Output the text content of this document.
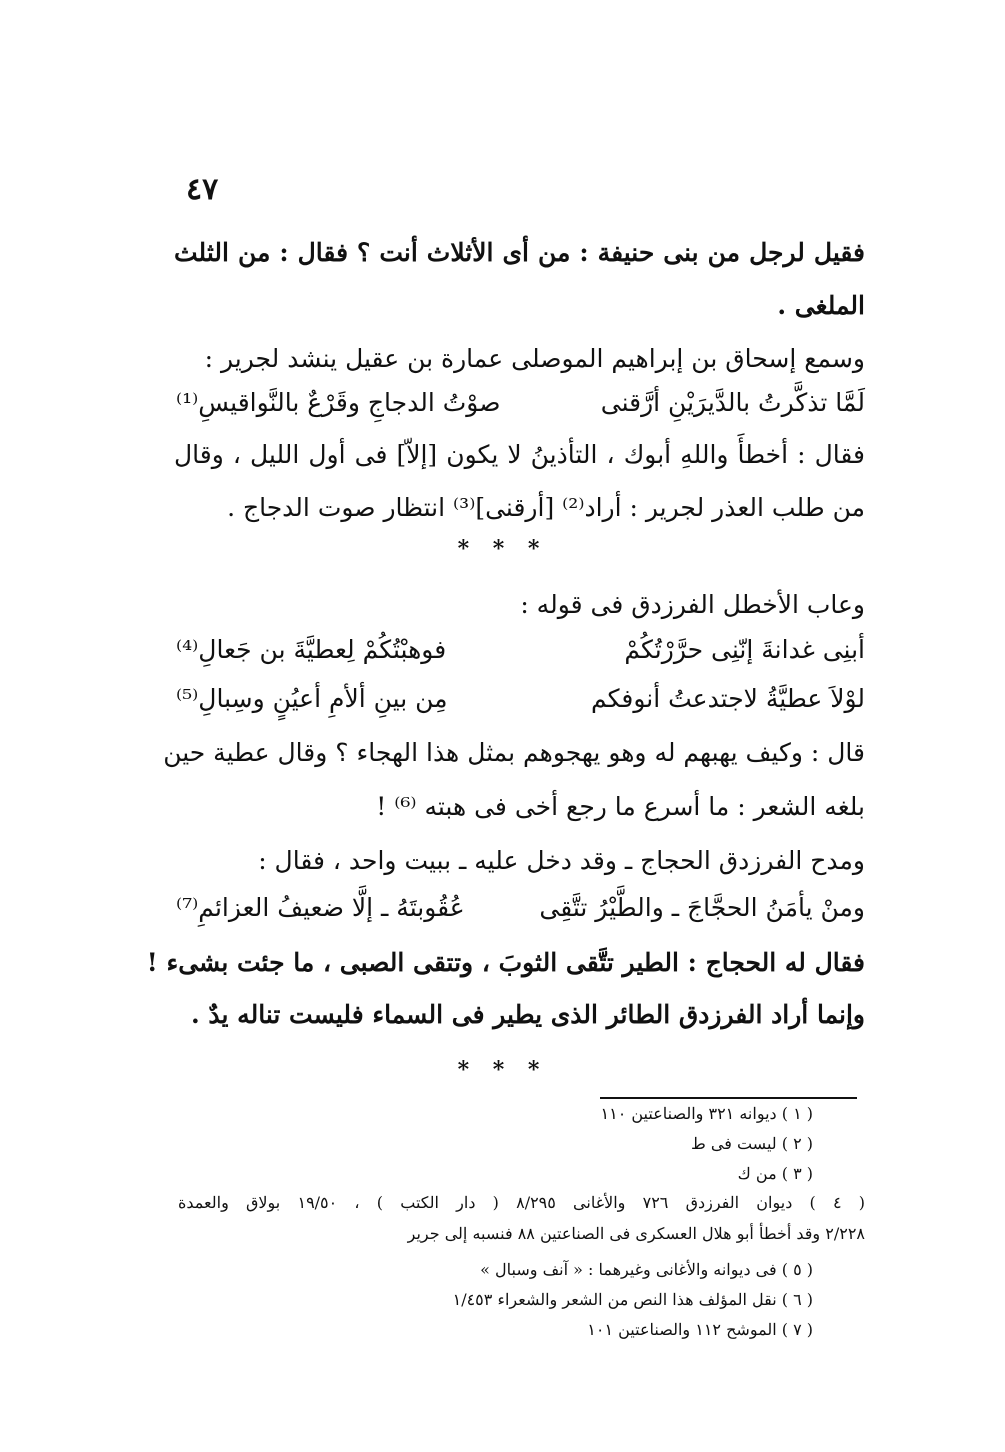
٤٧
فقيل لرجل من بنى حنيفة : من أى الأثلاث أنت ؟ فقال : من الثلث
الملغى .
وسمع إسحاق بن إبراهيم الموصلى عمارة بن عقيل ينشد لجرير :
لَمَّا تذكَّرتُ بالدَّيرَيْنِ أرَّقنى
صوْتُ الدجاجِ وقَرْعٌ بالنَّواقيسِ⁽¹⁾
فقال : أخطأَ واللهِ أبوك ، التأذينُ لا يكون [إلاّ] فى أول الليل ، وقال
من طلب العذر لجرير : أراد⁽²⁾ [أرقنى]⁽³⁾ انتظار صوت الدجاج .
* * *
وعاب الأخطل الفرزدق فى قوله :
أبنِى غدانةَ إنّنِى حرَّرْتُكُمْ
فوهبْتُكُمْ لِعطيَّةَ بن جَعالِ⁽⁴⁾
لوْلاَ عطيَّةُ لاجتدعتُ أنوفكم
مِن بينِ ألأمِ أعيُنٍ وسِبالِ⁽⁵⁾
قال : وكيف يهبهم له وهو يهجوهم بمثل هذا الهجاء ؟ وقال عطية حين
بلغه الشعر : ما أسرع ما رجع أخى فى هبته ⁽⁶⁾ !
ومدح الفرزدق الحجاج ـ وقد دخل عليه ـ ببيت واحد ، فقال :
ومنْ يأمَنُ الحجَّاجَ ـ والطَّيْرُ تتَّقِى
عُقُوبتَهُ ـ إلَّا ضعيفُ العزائمِ⁽⁷⁾
فقال له الحجاج : الطير تتَّقى الثوبَ ، وتتقى الصبى ، ما جئت بشىء !
وإنما أراد الفرزدق الطائر الذى يطير فى السماء فليست تناله يدٌ .
* * *
( ١ ) ديوانه ٣٢١ والصناعتين ١١٠
( ٢ ) ليست فى ط
( ٣ ) من ك
( ٤ ) ديوان الفرزدق ٧٢٦ والأغانى ٨/٢٩٥ ( دار الكتب ) ، ١٩/٥٠ بولاق والعمدة
٢/٢٢٨ وقد أخطأ أبو هلال العسكرى فى الصناعتين ٨٨ فنسبه إلى جرير
( ٥ ) فى ديوانه والأغانى وغيرهما : « آنف وسبال »
( ٦ ) نقل المؤلف هذا النص من الشعر والشعراء ١/٤٥٣
( ٧ ) الموشح ١١٢ والصناعتين ١٠١
